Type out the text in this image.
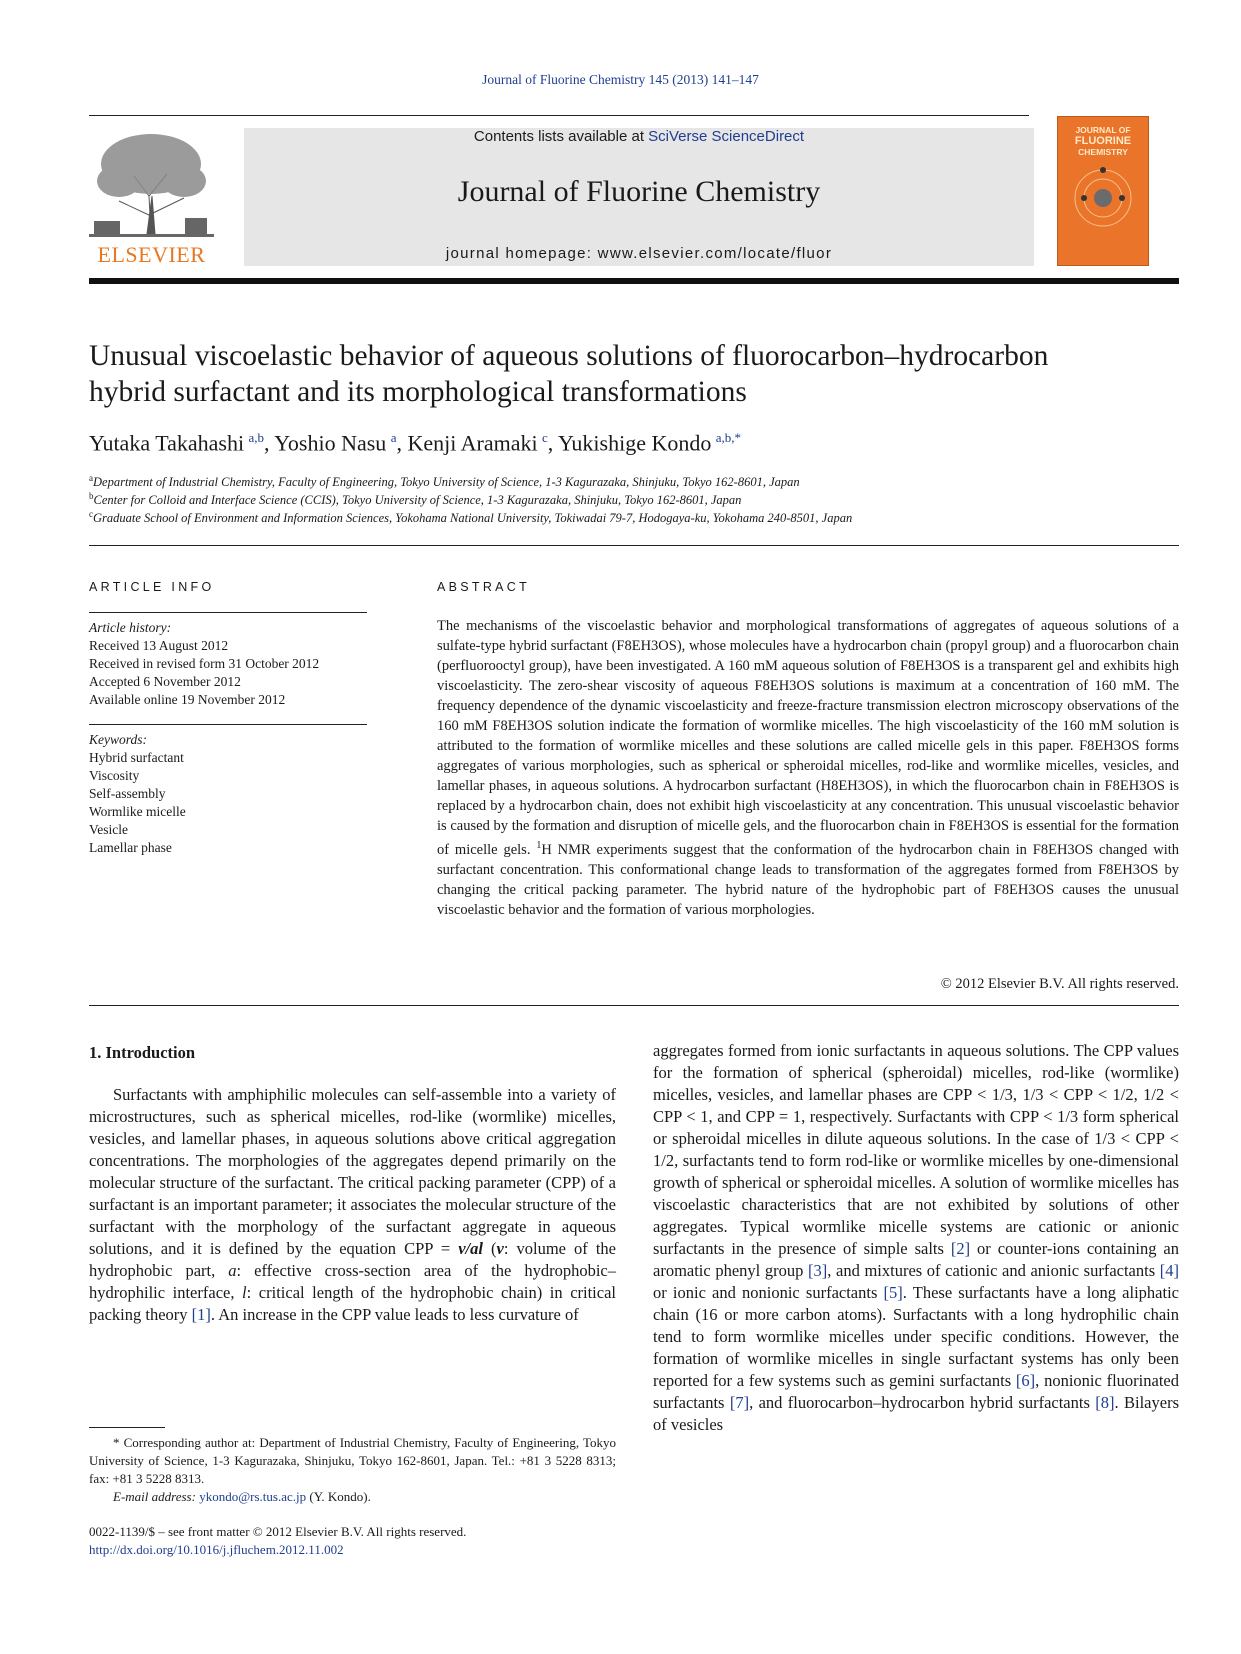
Journal of Fluorine Chemistry 145 (2013) 141–147
ELSEVIER
Contents lists available at SciVerse ScienceDirect
Journal of Fluorine Chemistry
journal homepage: www.elsevier.com/locate/fluor
JOURNAL OF
FLUORINE
CHEMISTRY
Unusual viscoelastic behavior of aqueous solutions of fluorocarbon–hydrocarbon
hybrid surfactant and its morphological transformations
Yutaka Takahashi  $^{a,b}$, Yoshio Nasu  $^a$, Kenji Aramaki  $^c$, Yukishige Kondo  $^{a,b,*}$
$^a$Department of Industrial Chemistry, Faculty of Engineering, Tokyo University of Science, 1-3 Kagurazaka, Shinjuku, Tokyo 162-8601, Japan
$^b$Center for Colloid and Interface Science (CCIS), Tokyo University of Science, 1-3 Kagurazaka, Shinjuku, Tokyo 162-8601, Japan
$^c$Graduate School of Environment and Information Sciences, Yokohama National University, Tokiwadai 79-7, Hodogaya-ku, Yokohama 240-8501, Japan
ARTICLE INFO
Article history:
Received 13 August 2012
Received in revised form 31 October 2012
Accepted 6 November 2012
Available online 19 November 2012
Keywords:
Hybrid surfactant
Viscosity
Self-assembly
Wormlike micelle
Vesicle
Lamellar phase
ABSTRACT
The mechanisms of the viscoelastic behavior and morphological transformations of aggregates of aqueous solutions of a sulfate-type hybrid surfactant (F8EH3OS), whose molecules have a hydrocarbon chain (propyl group) and a fluorocarbon chain (perfluorooctyl group), have been investigated. A 160 mM aqueous solution of F8EH3OS is a transparent gel and exhibits high viscoelasticity. The zero-shear viscosity of aqueous F8EH3OS solutions is maximum at a concentration of 160 mM. The frequency dependence of the dynamic viscoelasticity and freeze-fracture transmission electron microscopy observations of the 160 mM F8EH3OS solution indicate the formation of wormlike micelles. The high viscoelasticity of the 160 mM solution is attributed to the formation of wormlike micelles and these solutions are called micelle gels in this paper. F8EH3OS forms aggregates of various morphologies, such as spherical or spheroidal micelles, rod-like and wormlike micelles, vesicles, and lamellar phases, in aqueous solutions. A hydrocarbon surfactant (H8EH3OS), in which the fluorocarbon chain in F8EH3OS is replaced by a hydrocarbon chain, does not exhibit high viscoelasticity at any concentration. This unusual viscoelastic behavior is caused by the formation and disruption of micelle gels, and the fluorocarbon chain in F8EH3OS is essential for the formation of micelle gels. $^1$H NMR experiments suggest that the conformation of the hydrocarbon chain in F8EH3OS changed with surfactant concentration. This conformational change leads to transformation of the aggregates formed from F8EH3OS by changing the critical packing parameter. The hybrid nature of the hydrophobic part of F8EH3OS causes the unusual viscoelastic behavior and the formation of various morphologies.
© 2012 Elsevier B.V. All rights reserved.
1. Introduction

Surfactants with amphiphilic molecules can self-assemble into a variety of microstructures, such as spherical micelles, rod-like (wormlike) micelles, vesicles, and lamellar phases, in aqueous solutions above critical aggregation concentrations. The morphologies of the aggregates depend primarily on the molecular structure of the surfactant. The critical packing parameter (CPP) of a surfactant is an important parameter; it associates the molecular structure of the surfactant with the morphology of the surfactant aggregate in aqueous solutions, and it is defined by the equation CPP = v/al (v: volume of the hydrophobic part, a: effective cross-section area of the hydrophobic–hydrophilic interface, l: critical length of the hydrophobic chain) in critical packing theory [1]. An increase in the CPP value leads to less curvature of

aggregates formed from ionic surfactants in aqueous solutions. The CPP values for the formation of spherical (spheroidal) micelles, rod-like (wormlike) micelles, vesicles, and lamellar phases are CPP < 1/3, 1/3 < CPP < 1/2, 1/2 < CPP < 1, and CPP = 1, respectively. Surfactants with CPP < 1/3 form spherical or spheroidal micelles in dilute aqueous solutions. In the case of 1/3 < CPP < 1/2, surfactants tend to form rod-like or wormlike micelles by one-dimensional growth of spherical or spheroidal micelles. A solution of wormlike micelles has viscoelastic characteristics that are not exhibited by solutions of other aggregates. Typical wormlike micelle systems are cationic or anionic surfactants in the presence of simple salts [2] or counter-ions containing an aromatic phenyl group [3], and mixtures of cationic and anionic surfactants [4] or ionic and nonionic surfactants [5]. These surfactants have a long aliphatic chain (16 or more carbon atoms). Surfactants with a long hydrophilic chain tend to form wormlike micelles under specific conditions. However, the formation of wormlike micelles in single surfactant systems has only been reported for a few systems such as gemini surfactants [6], nonionic fluorinated surfactants [7], and fluorocarbon–hydrocarbon hybrid surfactants [8]. Bilayers of vesicles

* Corresponding author at: Department of Industrial Chemistry, Faculty of Engineering, Tokyo University of Science, 1-3 Kagurazaka, Shinjuku, Tokyo 162-8601, Japan. Tel.: +81 3 5228 8313; fax: +81 3 5228 8313.

E-mail address: ykondo@rs.tus.ac.jp (Y. Kondo).

0022-1139/$ – see front matter © 2012 Elsevier B.V. All rights reserved.
http://dx.doi.org/10.1016/j.jfluchem.2012.11.002
